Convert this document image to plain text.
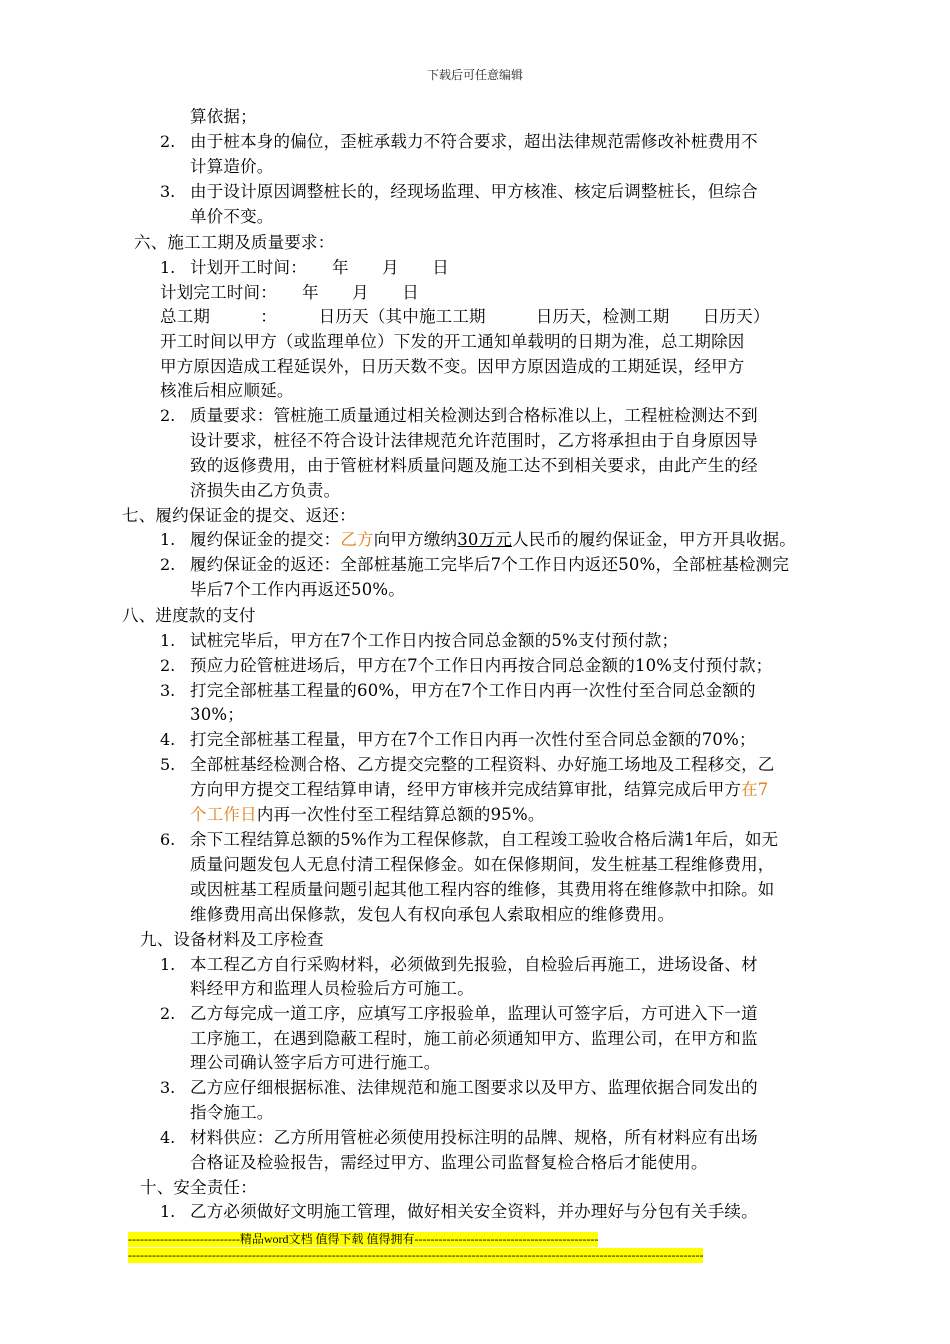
下载后可任意编辑
2.
3.
1.
2.
1.
2.
1.
2.
3.
4.
5.
6.
1.
2.
3.
4.
1.
算依据；
由于桩本身的偏位，歪桩承载力不符合要求，超出法律规范需修改补桩费用不
计算造价。
由于设计原因调整桩长的，经现场监理、甲方核准、核定后调整桩长，但综合
单价不变。
六、施工工期及质量要求：
计划开工时间：　　年　　月　　日
计划完工时间：　　年　　月　　日
总工期　　　：　　　日历天（其中施工工期　　　日历天，检测工期　　日历天）
开工时间以甲方（或监理单位）下发的开工通知单载明的日期为准，总工期除因
甲方原因造成工程延误外，日历天数不变。因甲方原因造成的工期延误，经甲方
核准后相应顺延。
质量要求：管桩施工质量通过相关检测达到合格标准以上，工程桩检测达不到
设计要求，桩径不符合设计法律规范允许范围时，乙方将承担由于自身原因导
致的返修费用，由于管桩材料质量问题及施工达不到相关要求，由此产生的经
济损失由乙方负责。
七、履约保证金的提交、返还：
履约保证金的提交：乙方向甲方缴纳30万元人民币的履约保证金，甲方开具收据。
履约保证金的返还：全部桩基施工完毕后7个工作日内返还50%，全部桩基检测完
毕后7个工作内再返还50%。
八、进度款的支付
试桩完毕后，甲方在7个工作日内按合同总金额的5%支付预付款；
预应力砼管桩进场后，甲方在7个工作日内再按合同总金额的10%支付预付款；
打完全部桩基工程量的60%，甲方在7个工作日内再一次性付至合同总金额的
30%；
打完全部桩基工程量，甲方在7个工作日内再一次性付至合同总金额的70%；
全部桩基经检测合格、乙方提交完整的工程资料、办好施工场地及工程移交，乙
方向甲方提交工程结算申请，经甲方审核并完成结算审批，结算完成后甲方在7
个工作日内再一次性付至工程结算总额的95%。
余下工程结算总额的5%作为工程保修款，自工程竣工验收合格后满1年后，如无
质量问题发包人无息付清工程保修金。如在保修期间，发生桩基工程维修费用，
或因桩基工程质量问题引起其他工程内容的维修，其费用将在维修款中扣除。如
维修费用高出保修款，发包人有权向承包人索取相应的维修费用。
九、设备材料及工序检查
本工程乙方自行采购材料，必须做到先报验，自检验后再施工，进场设备、材
料经甲方和监理人员检验后方可施工。
乙方每完成一道工序，应填写工序报验单，监理认可签字后，方可进入下一道
工序施工，在遇到隐蔽工程时，施工前必须通知甲方、监理公司，在甲方和监
理公司确认签字后方可进行施工。
乙方应仔细根据标准、法律规范和施工图要求以及甲方、监理依据合同发出的
指令施工。
材料供应：乙方所用管桩必须使用投标注明的品牌、规格，所有材料应有出场
合格证及检验报告，需经过甲方、监理公司监督复检合格后才能使用。
十、安全责任：
乙方必须做好文明施工管理，做好相关安全资料，并办理好与分包有关手续。
----------------------------精品word文档 值得下载 值得拥有----------------------------------------------
------------------------------------------------------------------------------------------------------------------------------------------------
